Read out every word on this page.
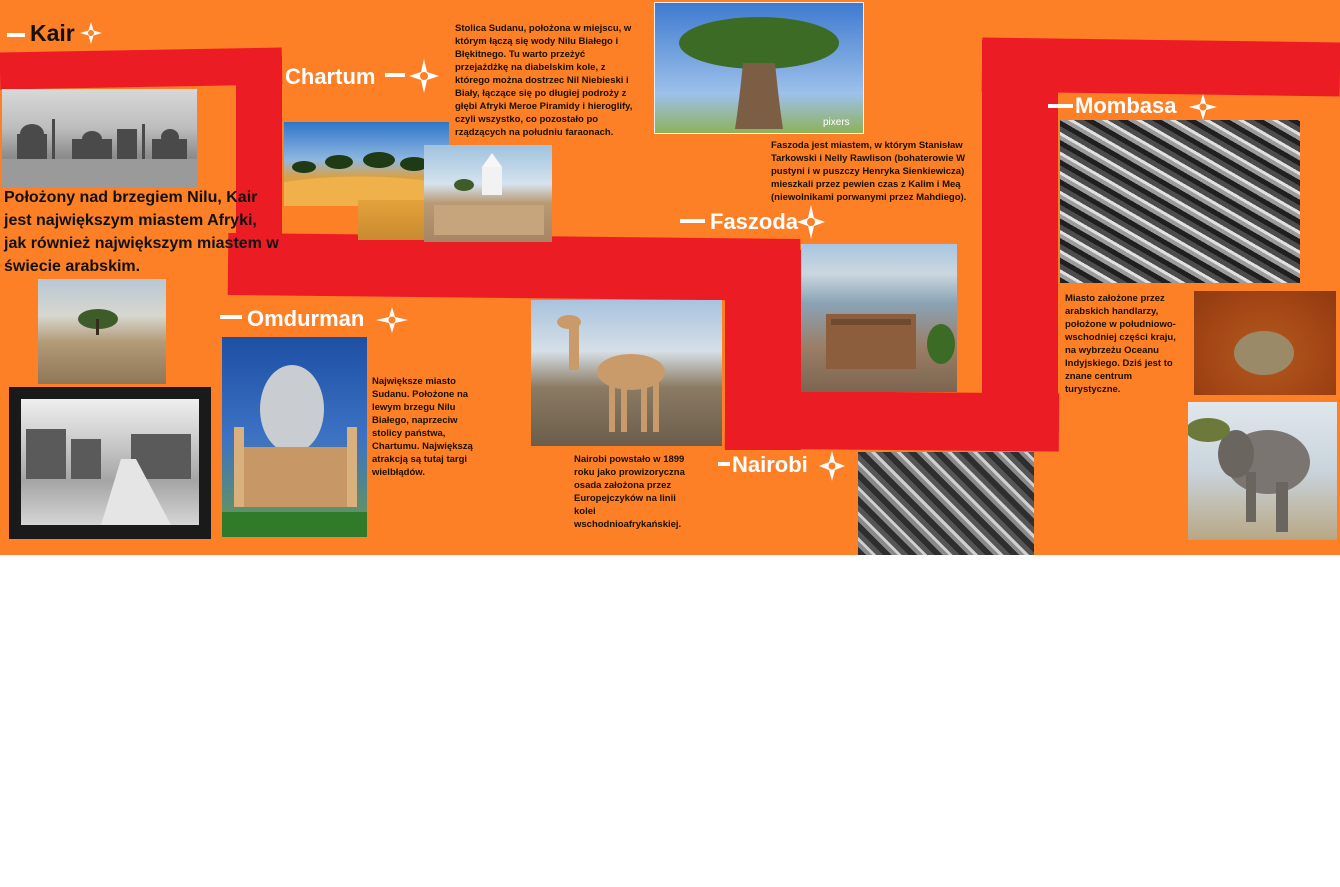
Kair
Położony nad brzegiem Nilu, Kair jest największym miastem Afryki, jak również największym miastem w świecie arabskim.
Chartum
Stolica Sudanu, położona w miejscu, w którym łączą się wody Nilu Białego i Błękitnego. Tu warto przeżyć przejażdżkę na diabelskim kole, z którego można dostrzec Nil Niebieski i Biały, łączące się po długiej podroży z głębi Afryki Meroe Piramidy i hieroglify, czyli wszystko, co pozostało po rządzących na południu faraonach.
pixers
Faszoda jest miastem, w którym Stanisław Tarkowski i Nelly Rawlison (bohaterowie W pustyni i w puszczy Henryka Sienkiewicza) mieszkali przez pewien czas z Kalim i Meą (niewolnikami porwanymi przez Mahdiego).
Faszoda
Omdurman
Największe miasto Sudanu. Położone na lewym brzegu Nilu Białego, naprzeciw stolicy państwa, Chartumu. Największą atrakcją są tutaj targi wielbłądów.
Nairobi powstało w 1899 roku jako prowizoryczna osada założona przez Europejczyków na linii kolei wschodnioafrykańskiej.
Nairobi
Mombasa
Miasto założone przez arabskich handlarzy, położone w południowo-wschodniej części kraju, na wybrzeżu Oceanu Indyjskiego. Dziś jest to znane centrum turystyczne.
